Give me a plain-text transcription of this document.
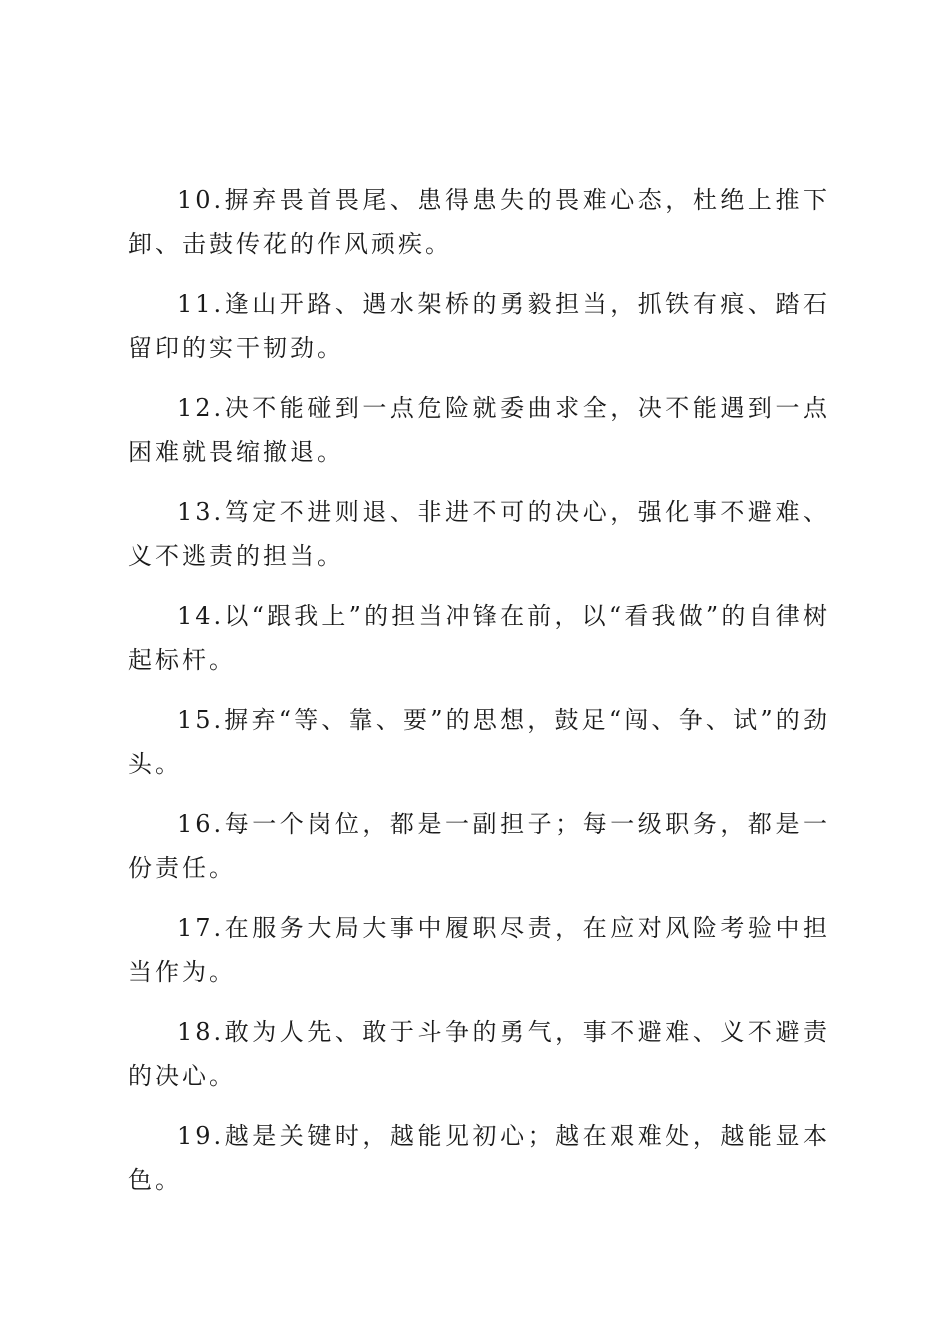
10.摒弃畏首畏尾、患得患失的畏难心态，杜绝上推下卸、击鼓传花的作风顽疾。

11.逢山开路、遇水架桥的勇毅担当，抓铁有痕、踏石留印的实干韧劲。

12.决不能碰到一点危险就委曲求全，决不能遇到一点困难就畏缩撤退。

13.笃定不进则退、非进不可的决心，强化事不避难、义不逃责的担当。

14.以“跟我上”的担当冲锋在前，以“看我做”的自律树起标杆。

15.摒弃“等、靠、要”的思想，鼓足“闯、争、试”的劲头。

16.每一个岗位，都是一副担子；每一级职务，都是一份责任。

17.在服务大局大事中履职尽责，在应对风险考验中担当作为。

18.敢为人先、敢于斗争的勇气，事不避难、义不避责的决心。

19.越是关键时，越能见初心；越在艰难处，越能显本色。
